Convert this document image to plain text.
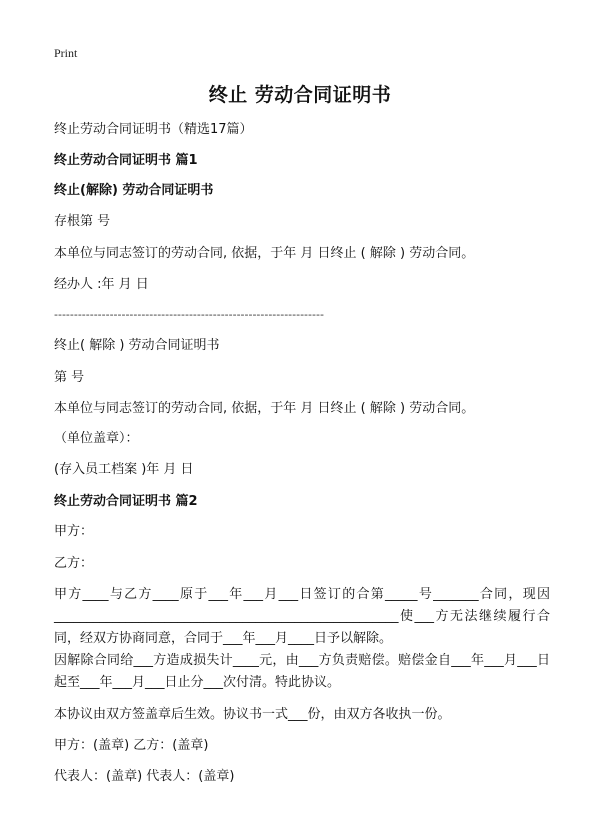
Print
终止 劳动合同证明书
终止劳动合同证明书（精选17篇）
终止劳动合同证明书 篇1
终止(解除) 劳动合同证明书
存根第 号
本单位与同志签订的劳动合同, 依据，于年 月 日终止 ( 解除 ) 劳动合同。
经办人 :年 月 日
--------------------------------------------------------------------
终止( 解除 ) 劳动合同证明书
第 号
本单位与同志签订的劳动合同, 依据，于年 月 日终止 ( 解除 ) 劳动合同。
（单位盖章）：
(存入员工档案 )年 月 日
终止劳动合同证明书 篇2
甲方：
乙方：
甲方____与乙方____原于___年___月___日签订的合第_____号_______合同，现因_____________________________________________________使___方无法继续履行合同，经双方协商同意，合同于___年___月____日予以解除。
因解除合同给___方造成损失计____元，由___方负责赔偿。赔偿金自___年___月___日起至___年___月___日止分___次付清。特此协议。
本协议由双方签盖章后生效。协议书一式___份，由双方各收执一份。
甲方：(盖章) 乙方：(盖章)
代表人：(盖章) 代表人：(盖章)
